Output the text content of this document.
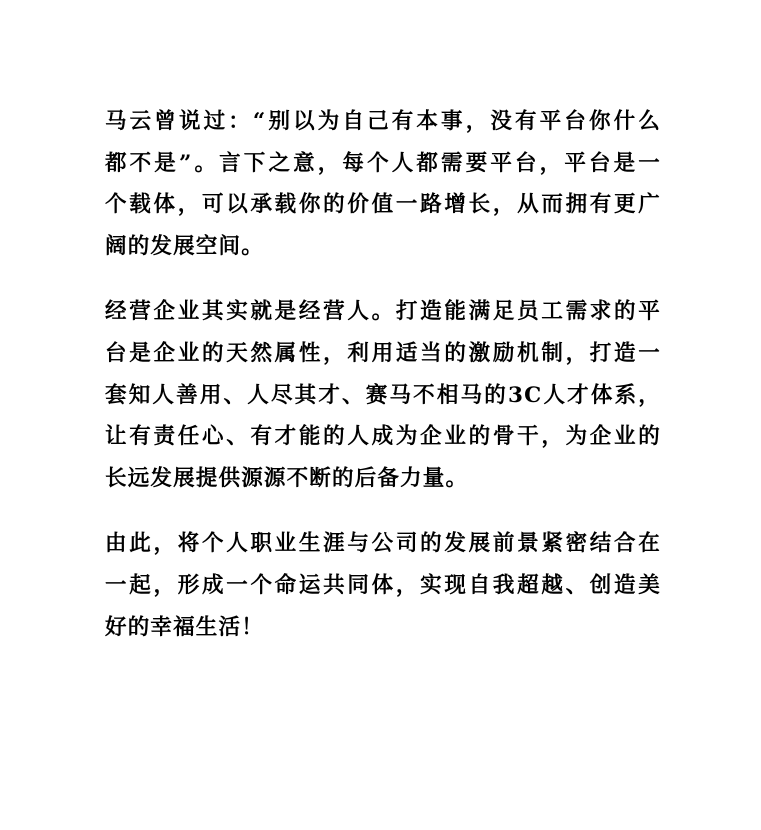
马云曾说过：“别以为自己有本事，没有平台你什么
都不是”。言下之意，每个人都需要平台，平台是一
个载体，可以承载你的价值一路增长，从而拥有更广
阔的发展空间。

经营企业其实就是经营人。打造能满足员工需求的平
台是企业的天然属性，利用适当的激励机制，打造一
套知人善用、人尽其才、赛马不相马的3C人才体系，
让有责任心、有才能的人成为企业的骨干，为企业的
长远发展提供源源不断的后备力量。

由此，将个人职业生涯与公司的发展前景紧密结合在
一起，形成一个命运共同体，实现自我超越、创造美
好的幸福生活！
